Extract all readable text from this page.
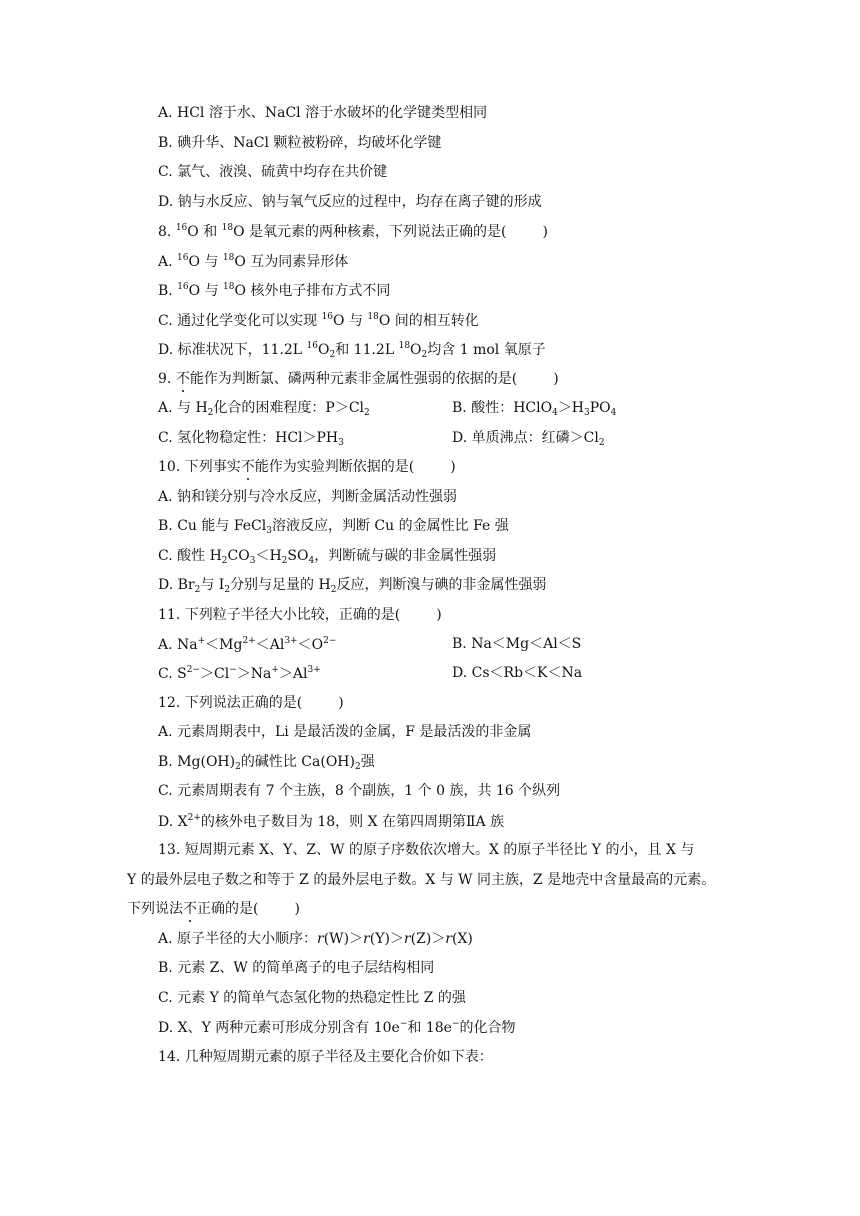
A. HCl 溶于水、NaCl 溶于水破坏的化学键类型相同
B. 碘升华、NaCl 颗粒被粉碎，均破坏化学键
C. 氯气、液溴、硫黄中均存在共价键
D. 钠与水反应、钠与氧气反应的过程中，均存在离子键的形成
8. $^{16}$O 和 $^{18}$O 是氧元素的两种核素，下列说法正确的是(	)
A. $^{16}$O 与 $^{18}$O 互为同素异形体
B. $^{16}$O 与 $^{18}$O 核外电子排布方式不同
C. 通过化学变化可以实现 $^{16}$O 与 $^{18}$O 间的相互转化
D. 标准状况下，11.2L $^{16}O_2$和 11.2L $^{18}O_2$均含 1 mol 氧原子
9. 不能作为判断氯、磷两种元素非金属性强弱的依据的是(	)
A. 与 $H_2$化合的困难程度：$P>Cl_2$	B. 酸性：$HClO_4>H_3PO_4$
C. 氢化物稳定性：$HCl>PH_3$	D. 单质沸点：红磷$>Cl_2$
10. 下列事实不能作为实验判断依据的是(	)
A. 钠和镁分别与冷水反应，判断金属活动性强弱
B. Cu 能与 FeCl$_3$溶液反应，判断 Cu 的金属性比 Fe 强
C. 酸性 $H_2CO_3<H_2SO_4$，判断硫与碳的非金属性强弱
D. $Br_2$与 $I_2$分别与足量的 $H_2$反应，判断溴与碘的非金属性强弱
11. 下列粒子半径大小比较，正确的是(	)
A. $Na^+<Mg^{2+}<Al^{3+}<O^{2-}$	B. Na＜Mg＜Al＜S
C. $S^{2-}>Cl^->Na^+>Al^{3+}$	D. Cs＜Rb＜K＜Na
12. 下列说法正确的是(	)
A. 元素周期表中，Li 是最活泼的金属，F 是最活泼的非金属
B. $Mg(OH)_2$的碱性比 $Ca(OH)_2$强
C. 元素周期表有 7 个主族，8 个副族，1 个 0 族，共 16 个纵列
D. $X^{2+}$的核外电子数目为 18，则 X 在第四周期第ⅡA 族
13. 短周期元素 X、Y、Z、W 的原子序数依次增大。X 的原子半径比 Y 的小，且 X 与
Y 的最外层电子数之和等于 Z 的最外层电子数。X 与 W 同主族，Z 是地壳中含量最高的元素。
下列说法不正确的是(	)
A. 原子半径的大小顺序：r(W)＞r(Y)＞r(Z)＞r(X)
B. 元素 Z、W 的简单离子的电子层结构相同
C. 元素 Y 的简单气态氢化物的热稳定性比 Z 的强
D. X、Y 两种元素可形成分别含有 10e−和 18e−的化合物
14. 几种短周期元素的原子半径及主要化合价如下表：
